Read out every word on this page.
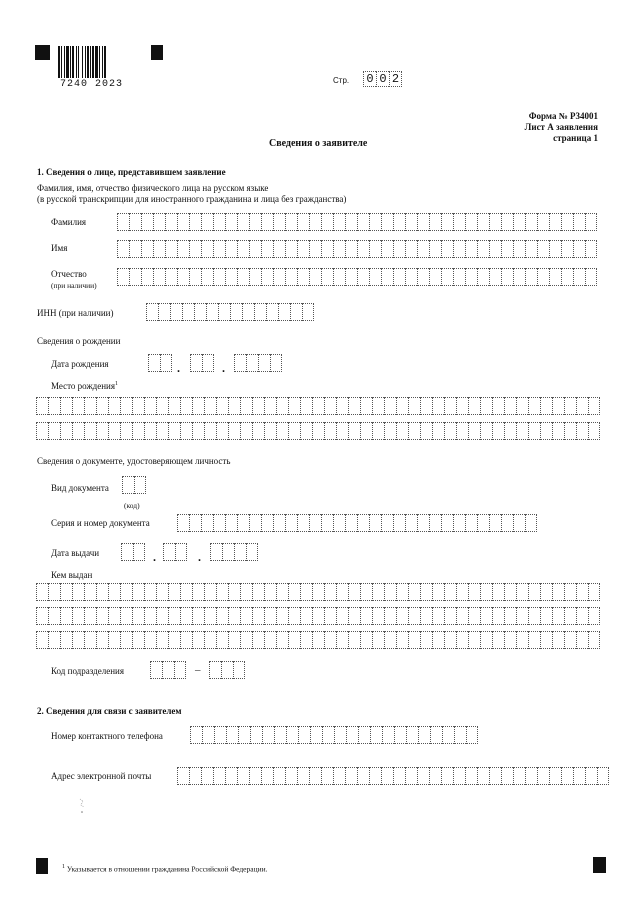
7240 2023	Стр. 0 0 2
Форма № Р34001
Лист А заявления
страница 1
Сведения о заявителе
1. Сведения о лице, представившем заявление
Фамилия, имя, отчество физического лица на русском языке
(в русской транскрипции для иностранного гражданина и лица без гражданства)
Фамилия
Имя
Отчество
(при наличии)
ИНН (при наличии)
Сведения о рождении
Дата рождения	.	.
Место рождения$^1$
Сведения о документе, удостоверяющем личность
Вид документа
(код)
Серия и номер документа
Дата выдачи	.	.
Кем выдан
Код подразделения	–
2. Сведения для связи с заявителем
Номер контактного телефона
Адрес электронной почты
$^1$ Указывается в отношении гражданина Российской Федерации.
